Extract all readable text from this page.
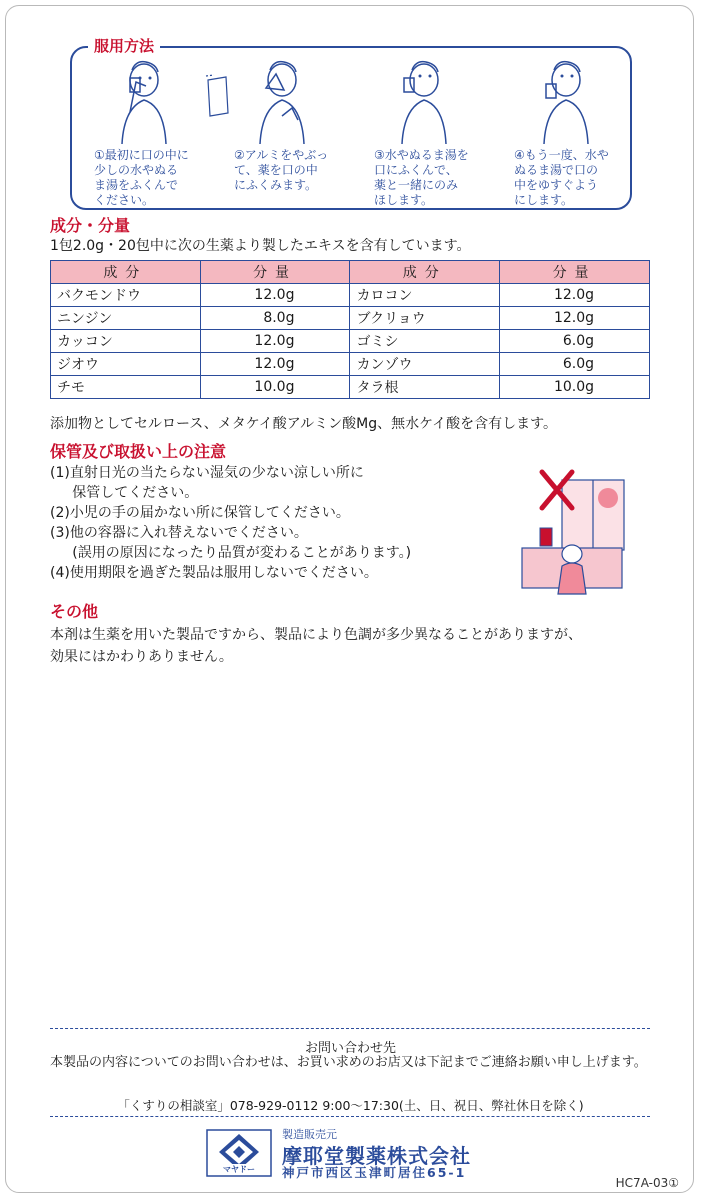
服用方法
①最初に口の中に
少しの水やぬる
ま湯をふくんで
ください。
②アルミをやぶっ
て、薬を口の中
にふくみます。
③水やぬるま湯を
口にふくんで、
薬と一緒にのみ
ほします。
④もう一度、水や
ぬるま湯で口の
中をゆすぐよう
にします。
成分・分量
1包2.0g・20包中に次の生薬より製したエキスを含有しています。
成分	分量	成分	分量
バクモンドウ	12.0g	カロコン	12.0g
ニンジン	8.0g	ブクリョウ	12.0g
カッコン	12.0g	ゴミシ	6.0g
ジオウ	12.0g	カンゾウ	6.0g
チモ	10.0g	タラ根	10.0g
添加物としてセルロース、メタケイ酸アルミン酸Mg、無水ケイ酸を含有します。
保管及び取扱い上の注意
(1)直射日光の当たらない湿気の少ない涼しい所に
保管してください。
(2)小児の手の届かない所に保管してください。
(3)他の容器に入れ替えないでください。
(誤用の原因になったり品質が変わることがあります。)
(4)使用期限を過ぎた製品は服用しないでください。
その他
本剤は生薬を用いた製品ですから、製品により色調が多少異なることがありますが、
効果にはかわりありません。
お問い合わせ先
本製品の内容についてのお問い合わせは、お買い求めのお店又は下記までご連絡お願い申し上げます。
「くすりの相談室」078-929-0112 9:00～17:30(土、日、祝日、弊社休日を除く)
マヤドー
製造販売元
摩耶堂製薬株式会社
神戸市西区玉津町居住65-1
HC7A-03①
